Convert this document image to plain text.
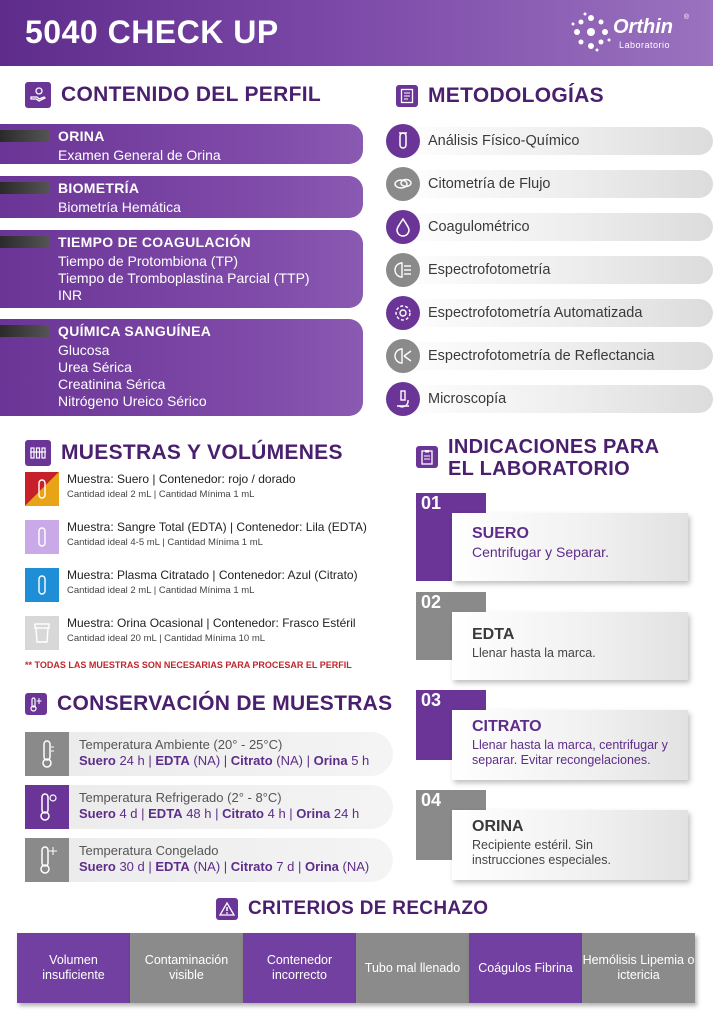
5040 CHECK UP	Orthin
Laboratorio
®
CONTENIDO DEL PERFIL
ORINA
Examen General de Orina
BIOMETRÍA
Biometría Hemática
TIEMPO DE COAGULACIÓN
Tiempo de Protombiona (TP)
Tiempo de Tromboplastina Parcial (TTP)
INR
QUÍMICA SANGUÍNEA
Glucosa
Urea Sérica
Creatinina Sérica
Nitrógeno Ureico Sérico
METODOLOGÍAS
Análisis Físico-Químico
Citometría de Flujo
Coagulométrico
Espectrofotometría
Espectrofotometría Automatizada
Espectrofotometría de Reflectancia
Microscopía
MUESTRAS Y VOLÚMENES
Muestra: Suero | Contenedor: rojo / dorado
Cantidad ideal 2 mL | Cantidad Mínima 1 mL
Muestra: Sangre Total (EDTA) | Contenedor: Lila (EDTA)
Cantidad ideal 4-5 mL | Cantidad Mínima 1 mL
Muestra: Plasma Citratado | Contenedor: Azul (Citrato)
Cantidad ideal 2 mL | Cantidad Mínima 1 mL
Muestra: Orina Ocasional | Contenedor: Frasco Estéril
Cantidad ideal 20 mL | Cantidad Mínima 10 mL
** TODAS LAS MUESTRAS SON NECESARIAS PARA PROCESAR EL PERFIL
CONSERVACIÓN DE MUESTRAS
Temperatura Ambiente (20° - 25°C)
Suero 24 h | EDTA (NA) | Citrato (NA) | Orina 5 h
Temperatura Refrigerado (2° - 8°C)
Suero 4 d | EDTA 48 h | Citrato 4 h | Orina 24 h
Temperatura Congelado
Suero 30 d | EDTA (NA) | Citrato 7 d | Orina (NA)
INDICACIONES PARA
EL LABORATORIO
01
SUERO
Centrifugar y Separar.
02
EDTA
Llenar hasta la marca.
03
CITRATO
Llenar hasta la marca, centrifugar y separar. Evitar recongelaciones.
04
ORINA
Recipiente estéril. Sin instrucciones especiales.
CRITERIOS DE RECHAZO
Volumen insuficiente
Contaminación visible
Contenedor incorrecto
Tubo mal llenado	Coágulos Fibrina
Hemólisis Lipemia o ictericia
